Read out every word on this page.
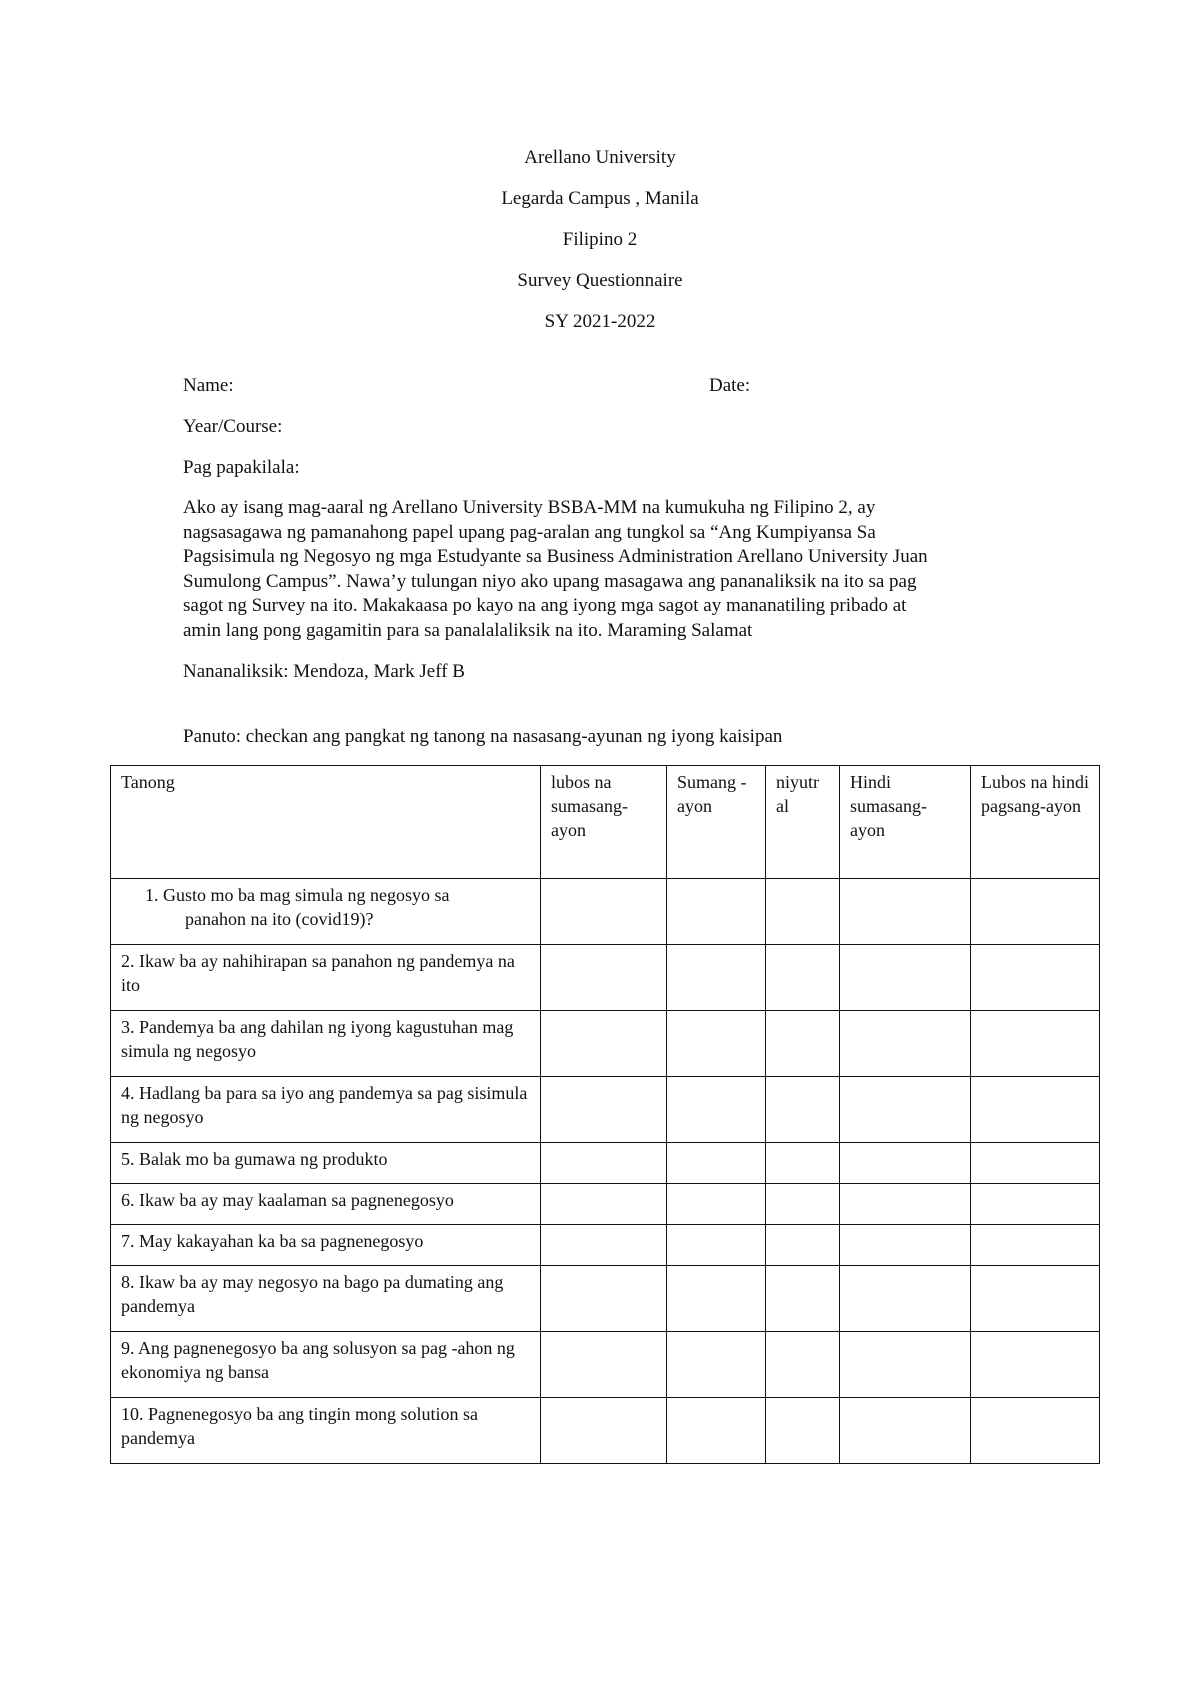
Arellano University
Legarda Campus , Manila
Filipino 2
Survey Questionnaire
SY 2021-2022
Name:	Date:
Year/Course:
Pag papakilala:
Ako ay isang mag-aaral ng Arellano University BSBA-MM na kumukuha ng Filipino 2, ay
nagsasagawa ng pamanahong papel upang pag-aralan ang tungkol sa “Ang Kumpiyansa Sa
Pagsisimula ng Negosyo ng mga Estudyante sa Business Administration Arellano University Juan
Sumulong Campus”. Nawa’y tulungan niyo ako upang masagawa ang pananaliksik na ito sa pag
sagot ng Survey na ito. Makakaasa po kayo na ang iyong mga sagot ay mananatiling pribado at
amin lang pong gagamitin para sa panalalaliksik na ito. Maraming Salamat
Nananaliksik: Mendoza, Mark Jeff B
Panuto: checkan ang pangkat ng tanong na nasasang-ayunan ng iyong kaisipan
Tanong	lubos na sumasang-ayon	Sumang -ayon	niyutr al	Hindi sumasang-ayon	Lubos na hindi pagsang-ayon

1. Gusto mo ba mag simula ng negosyo sa
panahon na ito (covid19)?					

2. Ikaw ba ay nahihirapan sa panahon ng pandemya na ito					
3. Pandemya ba ang dahilan ng iyong kagustuhan mag simula ng negosyo					
4. Hadlang ba para sa iyo ang pandemya sa pag sisimula ng negosyo					
5. Balak mo ba gumawa ng produkto					
6. Ikaw ba ay may kaalaman sa pagnenegosyo					
7. May kakayahan ka ba sa pagnenegosyo					
8. Ikaw ba ay may negosyo na bago pa dumating ang pandemya					
9. Ang pagnenegosyo ba ang solusyon sa pag -ahon ng ekonomiya ng bansa					
10. Pagnenegosyo ba ang tingin mong solution sa pandemya					
